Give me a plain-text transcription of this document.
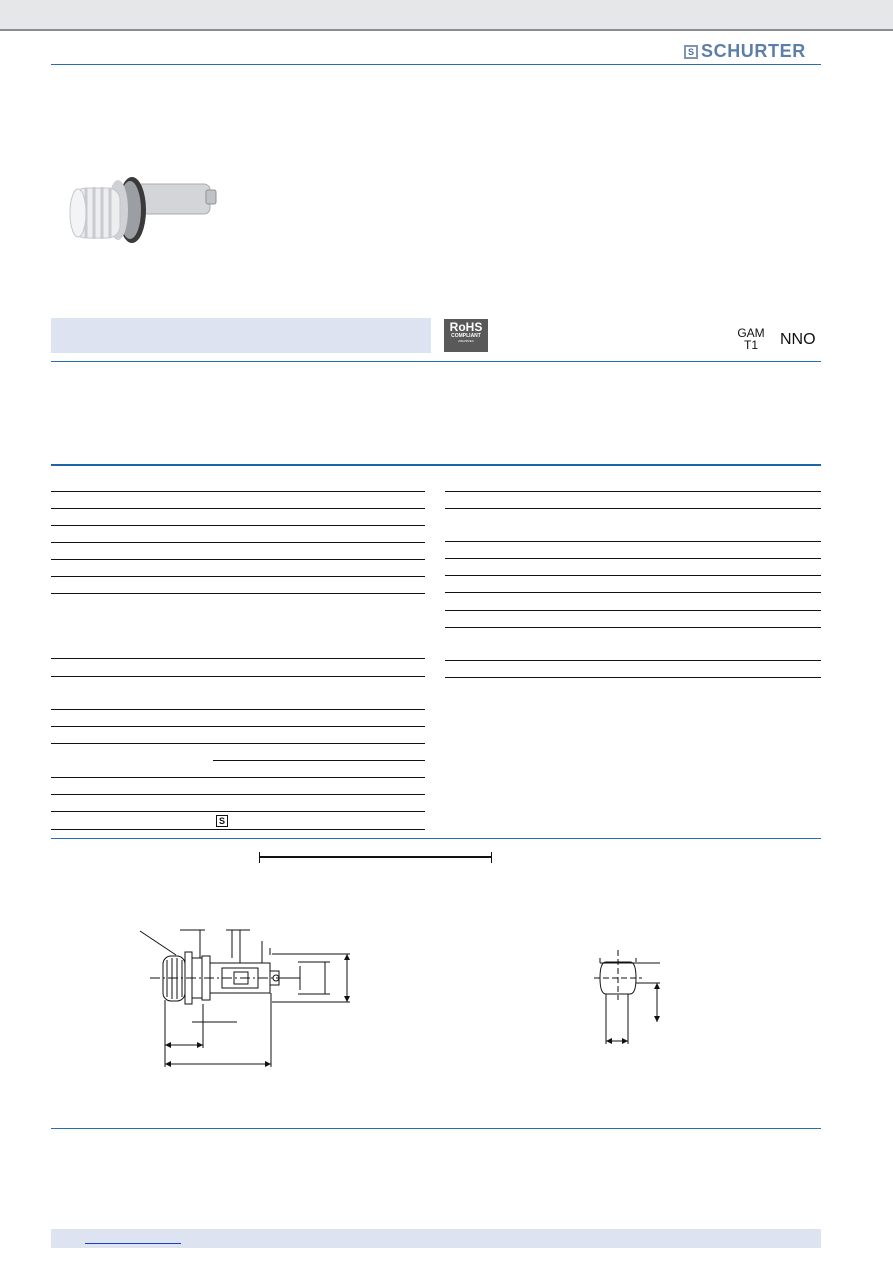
S SCHURTER
RoHS
COMPLIANT
2002/95/EC
GAM
T1	NNO
S
